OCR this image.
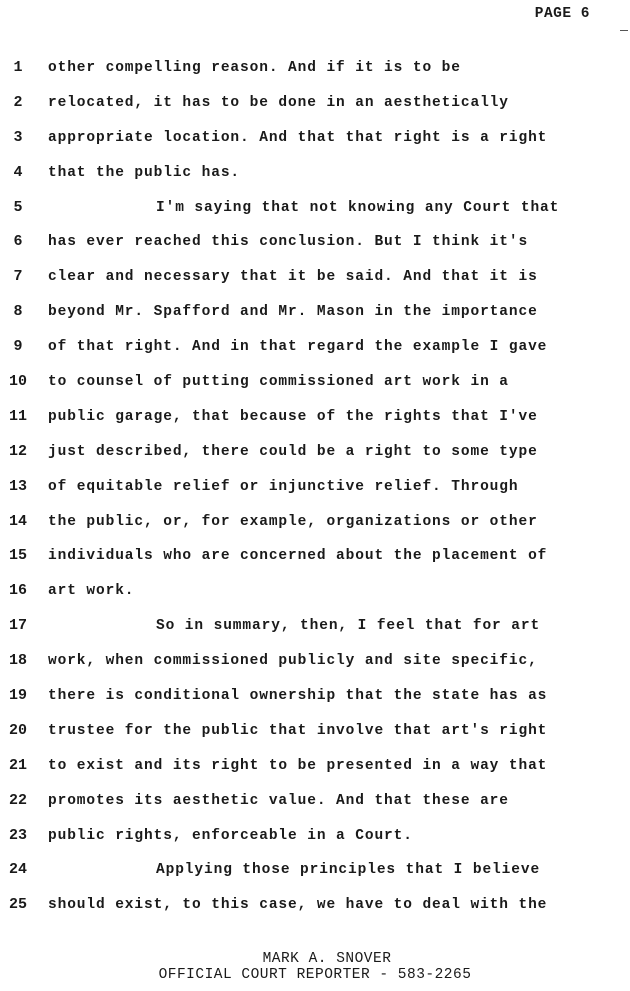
PAGE 6
1	other compelling reason. And if it is to be
2	relocated, it has to be done in an aesthetically
3	appropriate location. And that that right is a right
4	that the public has.
5	I'm saying that not knowing any Court that
6	has ever reached this conclusion. But I think it's
7	clear and necessary that it be said. And that it is
8	beyond Mr. Spafford and Mr. Mason in the importance
9	of that right. And in that regard the example I gave
10 to counsel of putting commissioned art work in a
11 public garage, that because of the rights that I've
12 just described, there could be a right to some type
13 of equitable relief or injunctive relief. Through
14 the public, or, for example, organizations or other
15 individuals who are concerned about the placement of
16 art work.
17	So in summary, then, I feel that for art
18 work, when commissioned publicly and site specific,
19 there is conditional ownership that the state has as
20 trustee for the public that involve that art's right
21 to exist and its right to be presented in a way that
22 promotes its aesthetic value. And that these are
23 public rights, enforceable in a Court.
24	Applying those principles that I believe
25 should exist, to this case, we have to deal with the
MARK A. SNOVER
OFFICIAL COURT REPORTER - 583-2265
